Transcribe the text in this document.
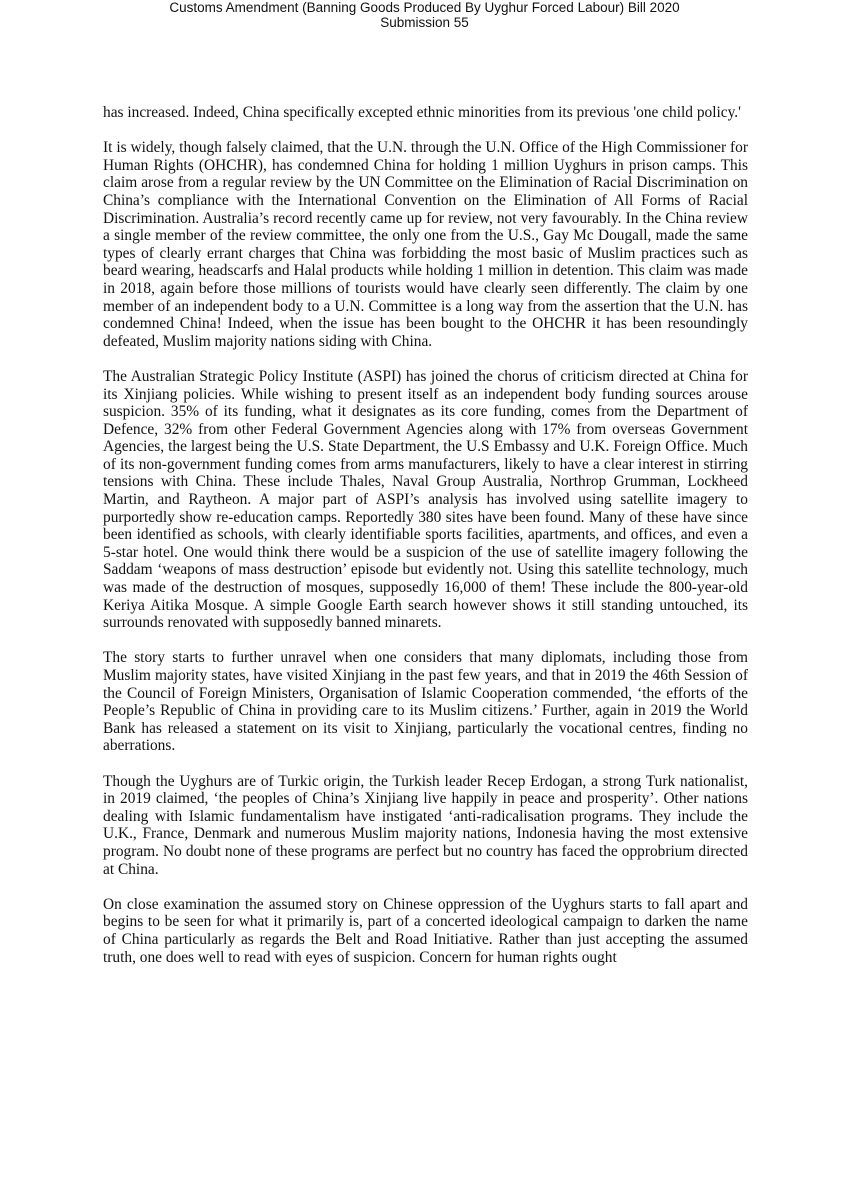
Customs Amendment (Banning Goods Produced By Uyghur Forced Labour) Bill 2020
Submission 55

has increased. Indeed, China specifically excepted ethnic minorities from its previous 'one child policy.'

It is widely, though falsely claimed, that the U.N. through the U.N. Office of the High Commissioner for Human Rights (OHCHR), has condemned China for holding 1 million Uyghurs in prison camps. This claim arose from a regular review by the UN Committee on the Elimination of Racial Discrimination on China’s compliance with the International Convention on the Elimination of All Forms of Racial Discrimination. Australia’s record recently came up for review, not very favourably. In the China review a single member of the review committee, the only one from the U.S., Gay Mc Dougall, made the same types of clearly errant charges that China was forbidding the most basic of Muslim practices such as beard wearing, headscarfs and Halal products while holding 1 million in detention. This claim was made in 2018, again before those millions of tourists would have clearly seen differently. The claim by one member of an independent body to a U.N. Committee is a long way from the assertion that the U.N. has condemned China! Indeed, when the issue has been bought to the OHCHR it has been resoundingly defeated, Muslim majority nations siding with China.

The Australian Strategic Policy Institute (ASPI) has joined the chorus of criticism directed at China for its Xinjiang policies. While wishing to present itself as an independent body funding sources arouse suspicion. 35% of its funding, what it designates as its core funding, comes from the Department of Defence, 32% from other Federal Government Agencies along with 17% from overseas Government Agencies, the largest being the U.S. State Department, the U.S Embassy and U.K. Foreign Office. Much of its non-government funding comes from arms manufacturers, likely to have a clear interest in stirring tensions with China. These include Thales, Naval Group Australia, Northrop Grumman, Lockheed Martin, and Raytheon. A major part of ASPI’s analysis has involved using satellite imagery to purportedly show re-education camps. Reportedly 380 sites have been found. Many of these have since been identified as schools, with clearly identifiable sports facilities, apartments, and offices, and even a 5-star hotel. One would think there would be a suspicion of the use of satellite imagery following the Saddam ‘weapons of mass destruction’ episode but evidently not. Using this satellite technology, much was made of the destruction of mosques, supposedly 16,000 of them! These include the 800-year-old Keriya Aitika Mosque. A simple Google Earth search however shows it still standing untouched, its surrounds renovated with supposedly banned minarets.

The story starts to further unravel when one considers that many diplomats, including those from Muslim majority states, have visited Xinjiang in the past few years, and that in 2019 the 46th Session of the Council of Foreign Ministers, Organisation of Islamic Cooperation commended, ‘the efforts of the People’s Republic of China in providing care to its Muslim citizens.’ Further, again in 2019 the World Bank has released a statement on its visit to Xinjiang, particularly the vocational centres, finding no aberrations.

Though the Uyghurs are of Turkic origin, the Turkish leader Recep Erdogan, a strong Turk nationalist, in 2019 claimed, ‘the peoples of China’s Xinjiang live happily in peace and prosperity’. Other nations dealing with Islamic fundamentalism have instigated ‘anti-radicalisation programs. They include the U.K., France, Denmark and numerous Muslim majority nations, Indonesia having the most extensive program. No doubt none of these programs are perfect but no country has faced the opprobrium directed at China.

On close examination the assumed story on Chinese oppression of the Uyghurs starts to fall apart and begins to be seen for what it primarily is, part of a concerted ideological campaign to darken the name of China particularly as regards the Belt and Road Initiative. Rather than just accepting the assumed truth, one does well to read with eyes of suspicion. Concern for human rights ought
